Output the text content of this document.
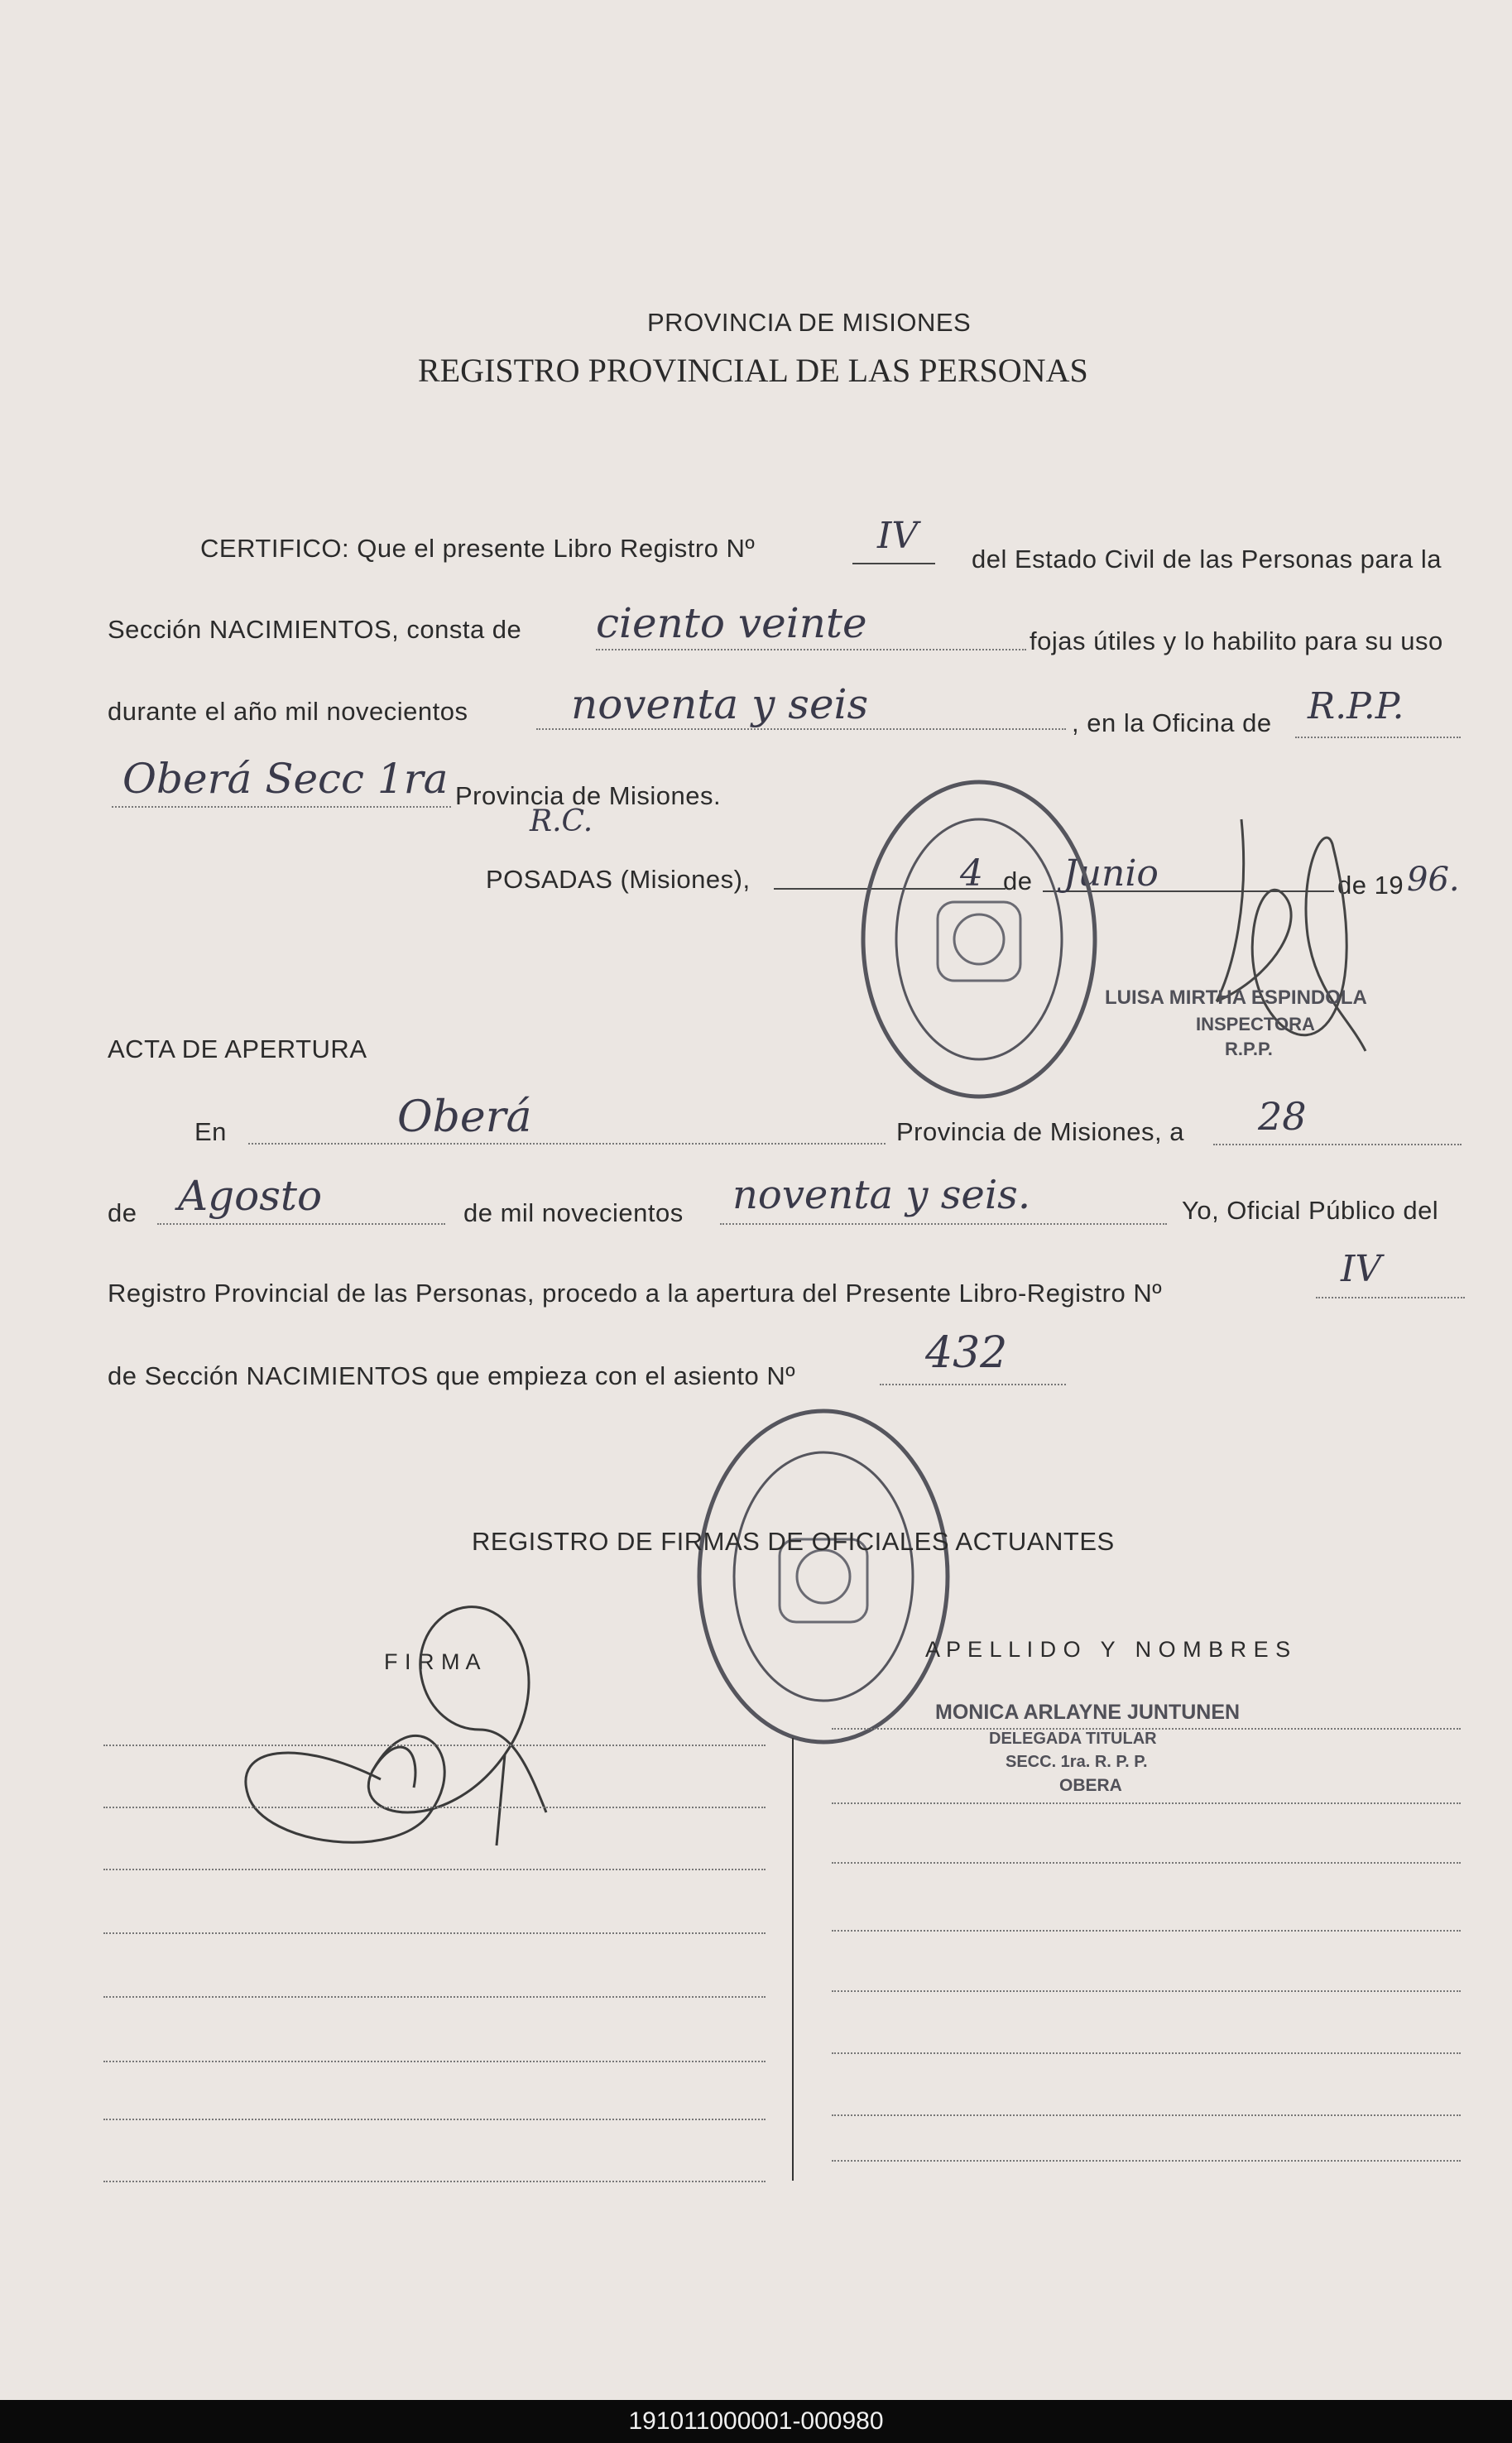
PROVINCIA DE MISIONES
REGISTRO PROVINCIAL DE LAS PERSONAS
CERTIFICO: Que el presente Libro Registro Nº	IV
del Estado Civil de las Personas para la
Sección NACIMIENTOS, consta de ciento veinte	fojas útiles y lo habilito para su uso
durante el año mil novecientos noventa y seis	, en la Oficina de R.P.P.
Oberá Secc 1ra Provincia de Misiones.
R.C.
POSADAS (Misiones),	4 de Junio	de 19 96.
LUISA MIRTHA ESPINDOLA
INSPECTORA
R.P.P.
ACTA DE APERTURA
En	Oberá	Provincia de Misiones, a 28
de Agosto	de mil novecientos noventa y seis.	Yo, Oficial Público del
Registro Provincial de las Personas, procedo a la apertura del Presente Libro-Registro Nº
IV
de Sección NACIMIENTOS que empieza con el asiento Nº	432
REGISTRO DE FIRMAS DE OFICIALES ACTUANTES
F I R M A	A P E L L I D O   Y   N O M B R E S
MONICA ARLAYNE JUNTUNEN
DELEGADA TITULAR
SECC. 1ra. R. P. P.
OBERA
191011000001-000980
